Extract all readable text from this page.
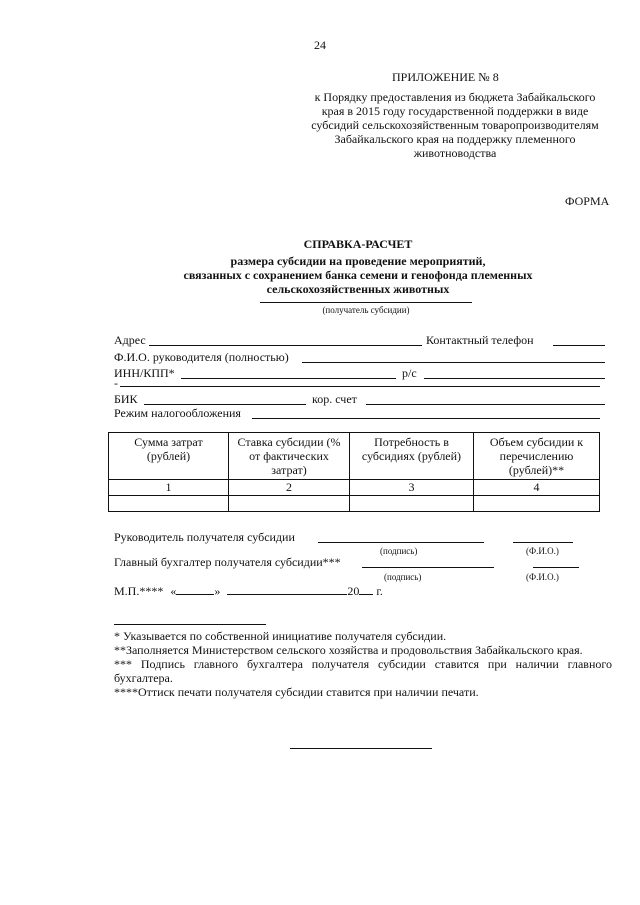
24
ПРИЛОЖЕНИЕ № 8
к Порядку предоставления из бюджета Забайкальского
края в 2015 году государственной поддержки в виде
субсидий сельскохозяйственным товаропроизводителям
Забайкальского края на поддержку племенного
животноводства
ФОРМА
СПРАВКА-РАСЧЕТ
размера субсидии на проведение мероприятий,
связанных с сохранением банка семени и генофонда племенных
сельскохозяйственных животных
(получатель субсидии)
Адрес	Контактный телефон
Ф.И.О. руководителя (полностью)
ИНН/КПП*	р/с
-
БИК	кор. счет
Режим налогообложения
Сумма затрат (рублей)	Ставка субсидии (% от фактических затрат)	Потребность в субсидиях (рублей)	Объем субсидии к перечислению (рублей)**
1	2	3	4

Руководитель получателя субсидии
(подпись)	(Ф.И.О.)
Главный бухгалтер получателя субсидии***
(подпись)	(Ф.И.О.)
М.П.**** «	»	20 г.
* Указывается по собственной инициативе получателя субсидии.
**Заполняется Министерством сельского хозяйства и продовольствия Забайкальского края.
*** Подпись главного бухгалтера получателя субсидии ставится при наличии главного бухгалтера.
****Оттиск печати получателя субсидии ставится при наличии печати.
